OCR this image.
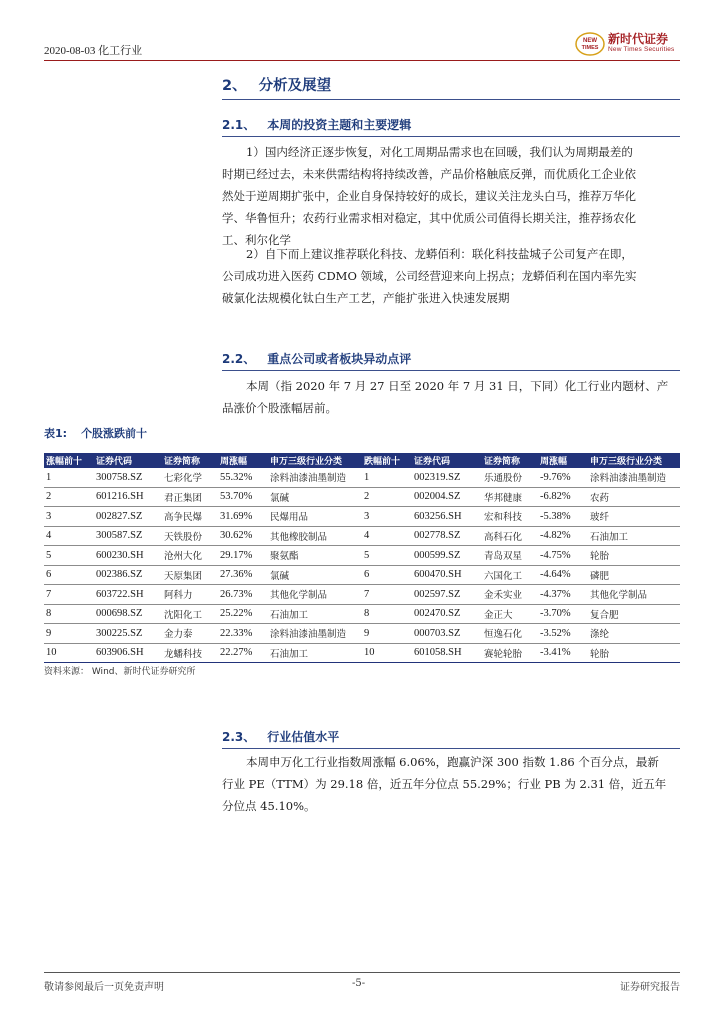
2020-08-03 化工行业
NEW
TIMES
新时代证券
New Times Securities
2、 分析及展望
2.1、 本周的投资主题和主要逻辑
1）国内经济正逐步恢复，对化工周期品需求也在回暖，我们认为周期最差的
时期已经过去，未来供需结构将持续改善，产品价格触底反弹，而优质化工企业依
然处于逆周期扩张中，企业自身保持较好的成长，建议关注龙头白马，推荐万华化
学、华鲁恒升；农药行业需求相对稳定，其中优质公司值得长期关注，推荐扬农化
工、利尔化学
2）自下而上建议推荐联化科技、龙蟒佰利：联化科技盐城子公司复产在即，
公司成功进入医药 CDMO 领域，公司经营迎来向上拐点；龙蟒佰利在国内率先实
破氯化法规模化钛白生产工艺，产能扩张进入快速发展期
2.2、 重点公司或者板块异动点评
本周（指 2020 年 7 月 27 日至 2020 年 7 月 31 日，下同）化工行业内题材、产
品涨价个股涨幅居前。
表1: 个股涨跌前十
涨幅前十	证券代码	证券简称	周涨幅	申万三级行业分类	跌幅前十	证券代码	证券简称	周涨幅	申万三级行业分类
1	300758.SZ	七彩化学	55.32%	涂料油漆油墨制造	1	002319.SZ	乐通股份	-9.76%	涂料油漆油墨制造
2	601216.SH	君正集团	53.70%	氯碱	2	002004.SZ	华邦健康	-6.82%	农药
3	002827.SZ	高争民爆	31.69%	民爆用品	3	603256.SH	宏和科技	-5.38%	玻纤
4	300587.SZ	天铁股份	30.62%	其他橡胶制品	4	002778.SZ	高科石化	-4.82%	石油加工
5	600230.SH	沧州大化	29.17%	聚氨酯	5	000599.SZ	青岛双星	-4.75%	轮胎
6	002386.SZ	天原集团	27.36%	氯碱	6	600470.SH	六国化工	-4.64%	磷肥
7	603722.SH	阿科力	26.73%	其他化学制品	7	002597.SZ	金禾实业	-4.37%	其他化学制品
8	000698.SZ	沈阳化工	25.22%	石油加工	8	002470.SZ	金正大	-3.70%	复合肥
9	300225.SZ	金力泰	22.33%	涂料油漆油墨制造	9	000703.SZ	恒逸石化	-3.52%	涤纶
10	603906.SH	龙蟠科技	22.27%	石油加工	10	601058.SH	赛轮轮胎	-3.41%	轮胎
资料来源： Wind、新时代证券研究所
2.3、 行业估值水平
本周申万化工行业指数周涨幅 6.06%，跑赢沪深 300 指数 1.86 个百分点，最新
行业 PE（TTM）为 29.18 倍，近五年分位点 55.29%；行业 PB 为 2.31 倍，近五年
分位点 45.10%。
敬请参阅最后一页免责声明	-5-	证券研究报告
